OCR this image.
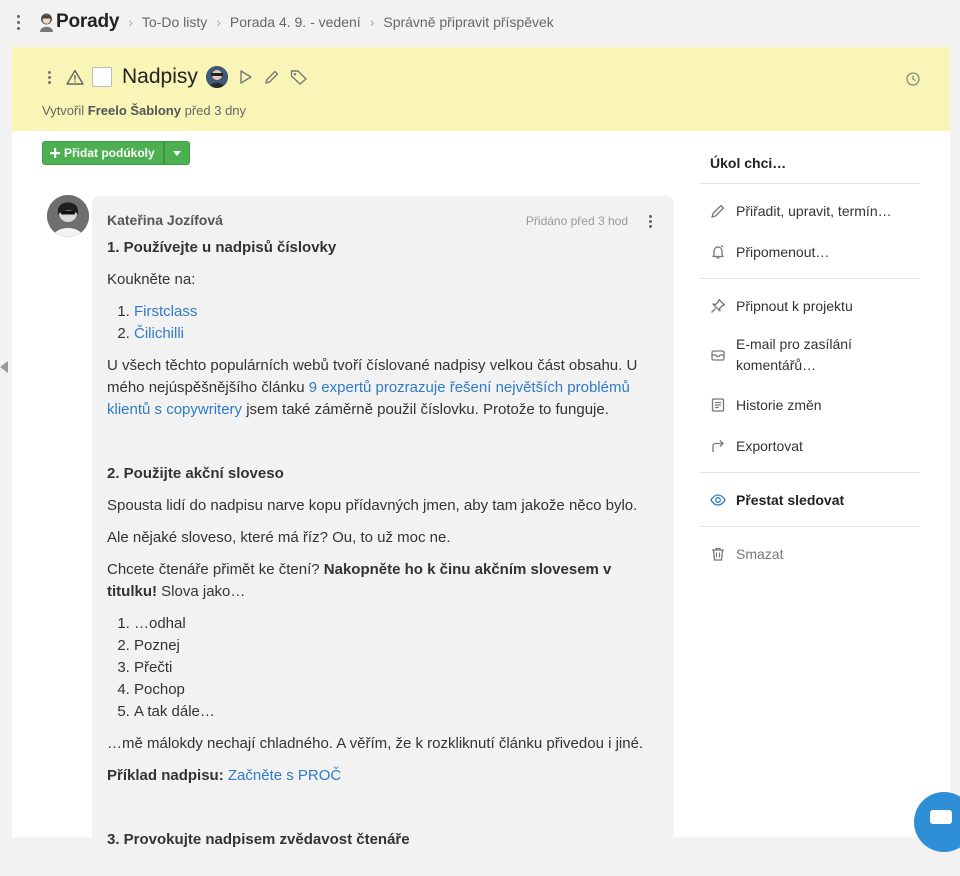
Porady › To-Do listy › Porada 4. 9. - vedení › Správně připravit příspěvek
Nadpisy
Vytvořil Freelo Šablony před 3 dny
Přidat podúkoly
Kateřina Jozífová	Přidáno před 3 hod
1. Používejte u nadpisů číslovky

Koukněte na:

1. Firstclass
2. Čilichilli

U všech těchto populárních webů tvoří číslované nadpisy velkou část obsahu. U mého nejúspěšnějšího článku 9 expertů prozrazuje řešení největších problémů klientů s copywritery jsem také záměrně použil číslovku. Protože to funguje.

2. Použijte akční sloveso

Spousta lidí do nadpisu narve kopu přídavných jmen, aby tam jakože něco bylo.

Ale nějaké sloveso, které má říz? Ou, to už moc ne.

Chcete čtenáře přimět ke čtení? Nakopněte ho k činu akčním slovesem v titulku! Slova jako…

1. …odhal
2. Poznej
3. Přečti
4. Pochop
5. A tak dále…

…mě málokdy nechají chladného. A věřím, že k rozkliknutí článku přivedou i jiné.

Příklad nadpisu: Začněte s PROČ

3. Provokujte nadpisem zvědavost čtenáře
Úkol chci…
Přiřadit, upravit, termín…
Připomenout…
Připnout k projektu
E-mail pro zasílání komentářů…
Historie změn
Exportovat
Přestat sledovat
Smazat
